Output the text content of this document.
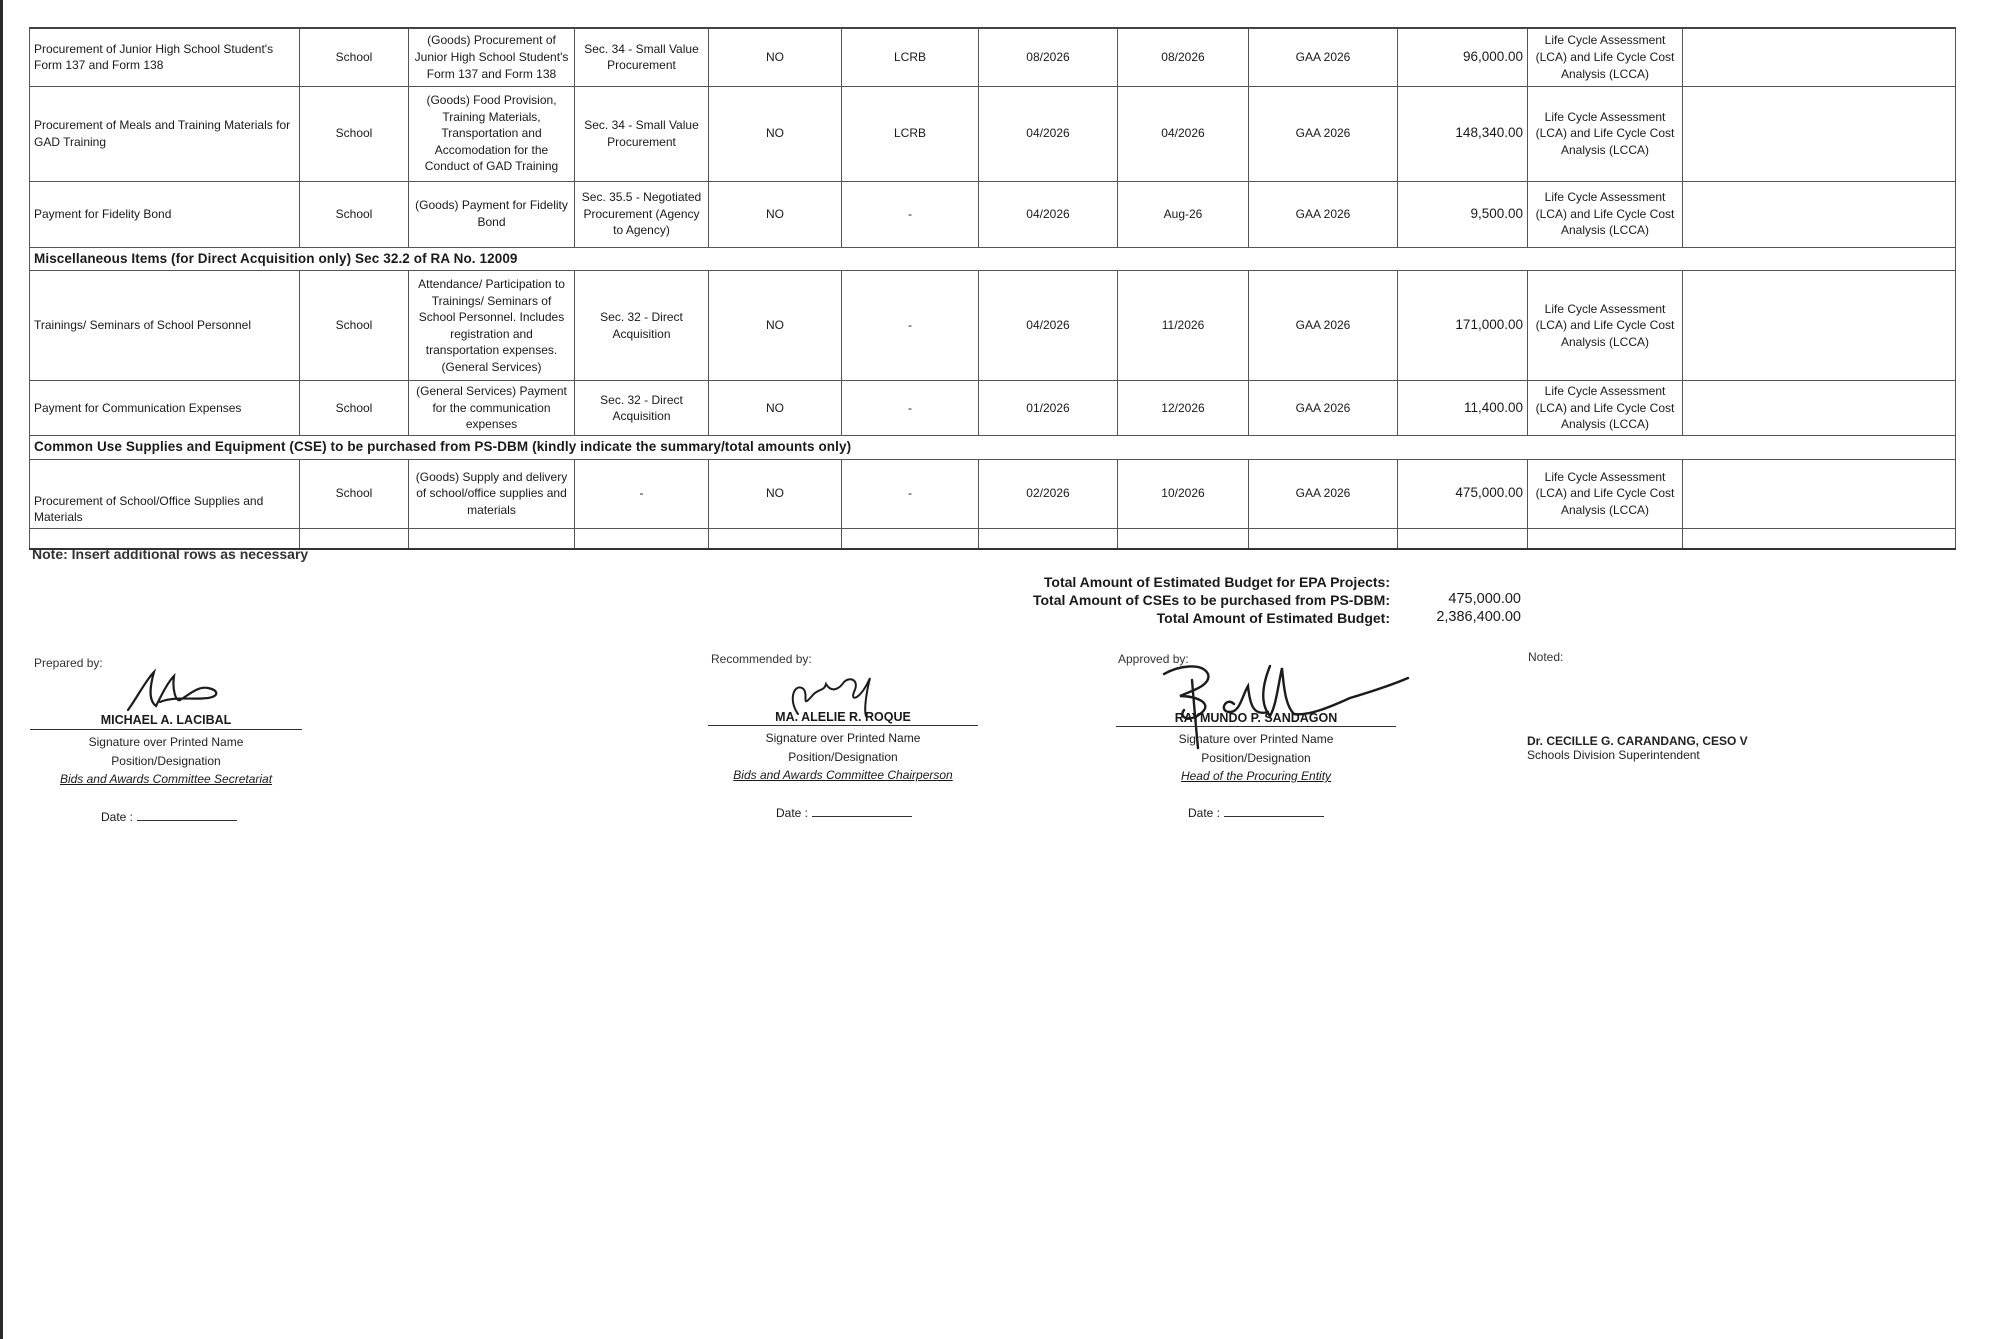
Procurement of Junior High School Student's Form 137 and Form 138	School	(Goods) Procurement of Junior High School Student's Form 137 and Form 138	Sec. 34 - Small Value Procurement	NO	LCRB	08/2026	08/2026	GAA 2026	96,000.00	Life Cycle Assessment (LCA) and Life Cycle Cost Analysis (LCCA)	
Procurement of Meals and Training Materials for GAD Training	School	(Goods) Food Provision, Training Materials, Transportation and Accomodation for the Conduct of GAD Training	Sec. 34 - Small Value Procurement	NO	LCRB	04/2026	04/2026	GAA 2026	148,340.00	Life Cycle Assessment (LCA) and Life Cycle Cost Analysis (LCCA)	
Payment for Fidelity Bond	School	(Goods) Payment for Fidelity Bond	Sec. 35.5 - Negotiated Procurement (Agency to Agency)	NO	-	04/2026	Aug-26	GAA 2026	9,500.00	Life Cycle Assessment (LCA) and Life Cycle Cost Analysis (LCCA)	
Miscellaneous Items (for Direct Acquisition only) Sec 32.2 of RA No. 12009											
Trainings/ Seminars of School Personnel	School	Attendance/ Participation to Trainings/ Seminars of School Personnel. Includes registration and transportation expenses. (General Services)	Sec. 32 - Direct Acquisition	NO	-	04/2026	11/2026	GAA 2026	171,000.00	Life Cycle Assessment (LCA) and Life Cycle Cost Analysis (LCCA)	
Payment for Communication Expenses	School	(General Services) Payment for the communication expenses	Sec. 32 - Direct Acquisition	NO	-	01/2026	12/2026	GAA 2026	11,400.00	Life Cycle Assessment (LCA) and Life Cycle Cost Analysis (LCCA)	
Common Use Supplies and Equipment (CSE) to be purchased from PS-DBM (kindly indicate the summary/total amounts only)											
Procurement of School/Office Supplies and Materials	School	(Goods) Supply and delivery of school/office supplies and materials	-	NO	-	02/2026	10/2026	GAA 2026	475,000.00	Life Cycle Assessment (LCA) and Life Cycle Cost Analysis (LCCA)	

Note: Insert additional rows as necessary
Total Amount of Estimated Budget for EPA Projects:
Total Amount of CSEs to be purchased from PS-DBM:	475,000.00
Total Amount of Estimated Budget:	2,386,400.00
Prepared by:
MICHAEL A. LACIBAL
Signature over Printed Name
Position/Designation
Bids and Awards Committee Secretariat
Date :
Recommended by:
MA. ALELIE R. ROQUE
Signature over Printed Name
Position/Designation
Bids and Awards Committee Chairperson
Date :
Approved by:
RAYMUNDO P. SANDAGON
Signature over Printed Name
Position/Designation
Head of the Procuring Entity
Date :
Noted:
Dr. CECILLE G. CARANDANG, CESO V
Schools Division Superintendent
